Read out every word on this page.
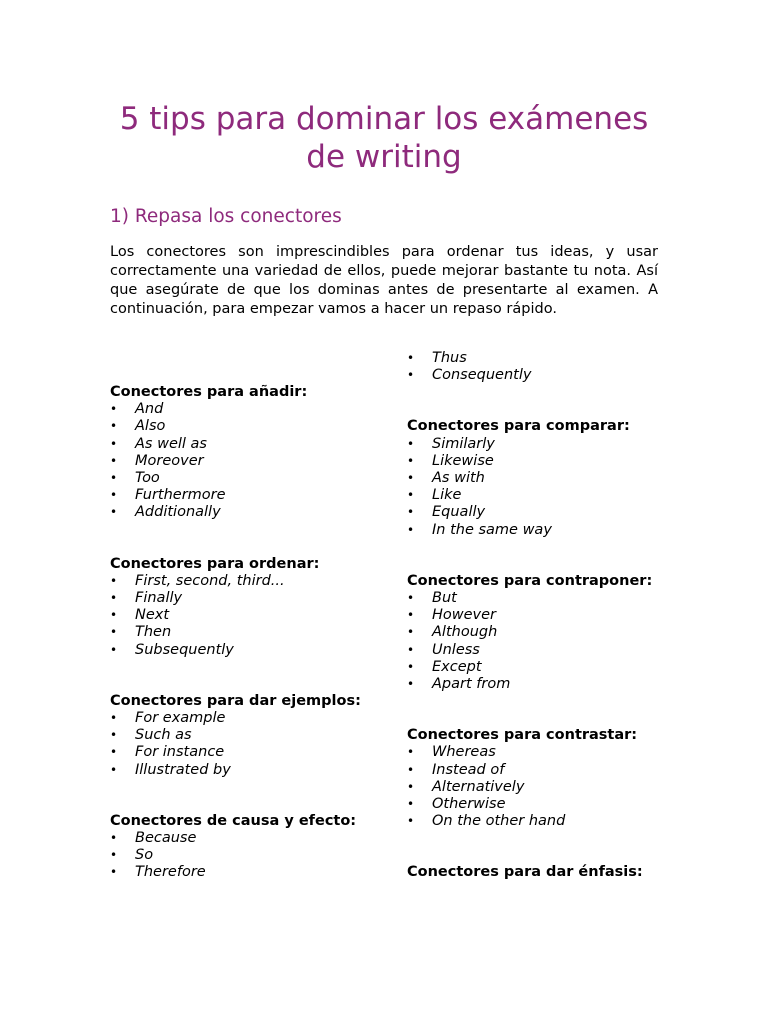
5 tips para dominar los exámenes de writing
1) Repasa los conectores

Los conectores son imprescindibles para ordenar tus ideas, y usar correctamente una variedad de ellos, puede mejorar bastante tu nota. Así que asegúrate de que los dominas antes de presentarte al examen. A continuación, para empezar vamos a hacer un repaso rápido.

Conectores para añadir:

• And
• Also
• As well as
• Moreover
• Too
• Furthermore
• Additionally

Conectores para ordenar:

• First, second, third...
• Finally
• Next
• Then
• Subsequently

Conectores para dar ejemplos:

• For example
• Such as
• For instance
• Illustrated by

Conectores de causa y efecto:

• Because
• So
• Therefore
• Thus
• Consequently

Conectores para comparar:

• Similarly
• Likewise
• As with
• Like
• Equally
• In the same way

Conectores para contraponer:

• But
• However
• Although
• Unless
• Except
• Apart from

Conectores para contrastar:

• Whereas
• Instead of
• Alternatively
• Otherwise
• On the other hand

Conectores para dar énfasis:
